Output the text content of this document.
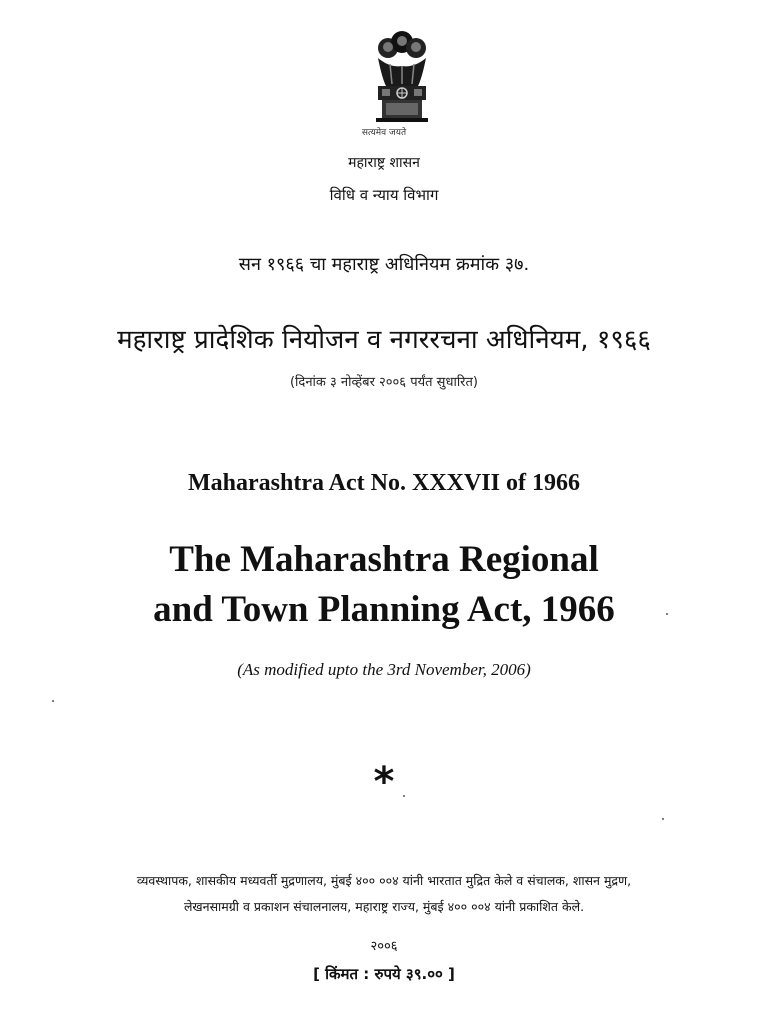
सत्यमेव जयते
महाराष्ट्र शासन
विधि व न्याय विभाग
सन १९६६ चा महाराष्ट्र अधिनियम क्रमांक ३७.
महाराष्ट्र प्रादेशिक नियोजन व नगररचना अधिनियम, १९६६
(दिनांक ३ नोव्हेंबर २००६ पर्यंत सुधारित)
Maharashtra Act No. XXXVII of 1966
The Maharashtra Regional
and Town Planning Act, 1966
(As modified upto the 3rd November, 2006)
*
व्यवस्थापक, शासकीय मध्यवर्ती मुद्रणालय, मुंबई ४०० ००४ यांनी भारतात मुद्रित केले व संचालक, शासन मुद्रण,
लेखनसामग्री व प्रकाशन संचालनालय, महाराष्ट्र राज्य, मुंबई ४०० ००४ यांनी प्रकाशित केले.
२००६
[ किंमत : रुपये ३९.०० ]
